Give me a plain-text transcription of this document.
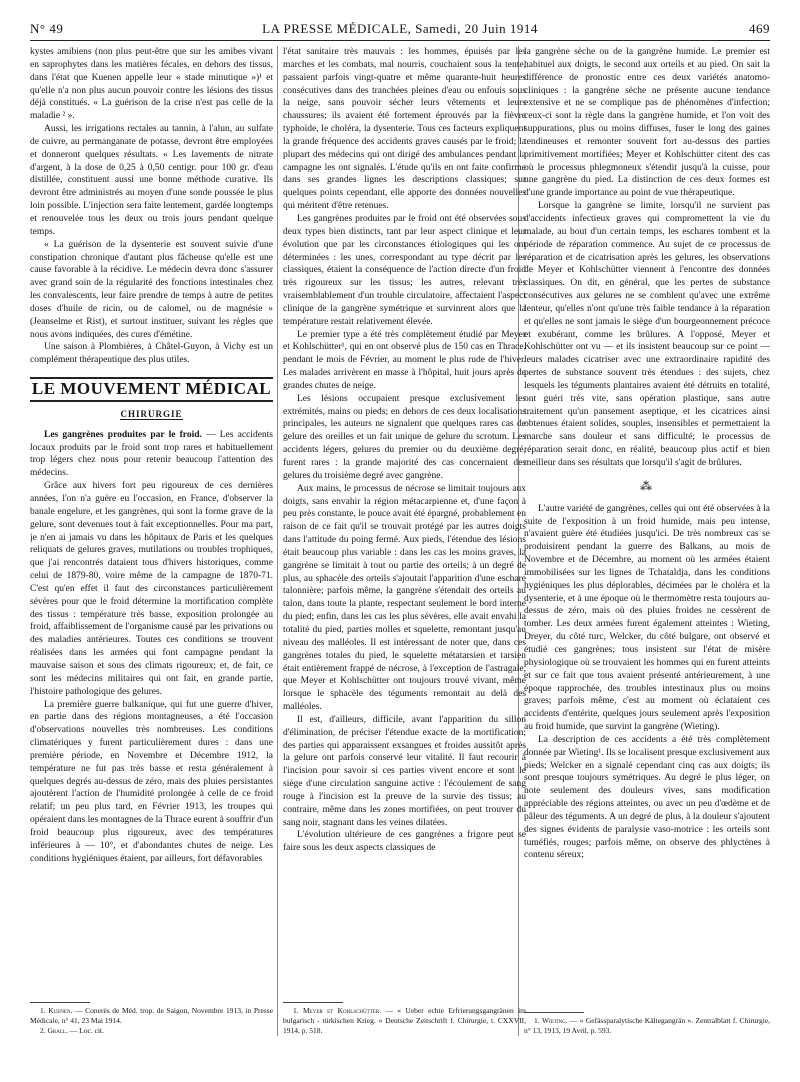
N° 49	LA PRESSE MÉDICALE, Samedi, 20 Juin 1914	469

kystes amibiens (non plus peut-être que sur les amibes vivant en saprophytes dans les matières fécales, en dehors des tissus, dans l'état que Kuenen appelle leur « stade minutique »)¹ et qu'elle n'a non plus aucun pouvoir contre les lésions des tissus déjà constitués. « La guérison de la crise n'est pas celle de la maladie ² ».

Aussi, les irrigations rectales au tannin, à l'alun, au sulfate de cuivre, au permanganate de potasse, devront être employées et donneront quelques résultats. « Les lavements de nitrate d'argent, à la dose de 0,25 à 0,50 centigr. pour 100 gr. d'eau distillée, constituent aussi une bonne méthode curative. Ils devront être administrés au moyen d'une sonde poussée le plus loin possible. L'injection sera faite lentement, gardée longtemps et renouvelée tous les deux ou trois jours pendant quelque temps.

« La guérison de la dysenterie est souvent suivie d'une constipation chronique d'autant plus fâcheuse qu'elle est une cause favorable à la récidive. Le médecin devra donc s'assurer avec grand soin de la régularité des fonctions intestinales chez les convalescents, leur faire prendre de temps à autre de petites doses d'huile de ricin, ou de calomel, ou de magnésie » (Jeanselme et Rist), et surtout instituer, suivant les règles que nous avons indiquées, des cures d'émétine.

Une saison à Plombières, à Châtel-Guyon, à Vichy est un complément thérapeutique des plus utiles.

LE MOUVEMENT MÉDICAL
CHIRURGIE

Les gangrènes produites par le froid. — Les accidents locaux produits par le froid sont trop rares et habituellement trop légers chez nous pour retenir beaucoup l'attention des médecins.

Grâce aux hivers fort peu rigoureux de ces dernières années, l'on n'a guère eu l'occasion, en France, d'observer la banale engelure, et les gangrènes, qui sont la forme grave de la gelure, sont devenues tout à fait exceptionnelles. Pour ma part, je n'en ai jamais vu dans les hôpitaux de Paris et les quelques reliquats de gelures graves, mutilations ou troubles trophiques, que j'ai rencontrés dataient tous d'hivers historiques, comme celui de 1879-80, voire même de la campagne de 1870-71. C'est qu'en effet il faut des circonstances particulièrement sévères pour que le froid détermine la mortification complète des tissus : température très basse, exposition prolongée au froid, affaiblissement de l'organisme causé par les privations ou des maladies antérieures. Toutes ces conditions se trouvent réalisées dans les armées qui font campagne pendant la mauvaise saison et sous des climats rigoureux; et, de fait, ce sont les médecins militaires qui ont fait, en grande partie, l'histoire pathologique des gelures.

La première guerre balkanique, qui fut une guerre d'hiver, en partie dans des régions montagneuses, a été l'occasion d'observations nouvelles très nombreuses. Les conditions climatériques y furent particulièrement dures : dans une première période, en Novembre et Décembre 1912, la température ne fut pas très basse et resta généralement à quelques degrés au-dessus de zéro, mais des pluies persistantes ajoutèrent l'action de l'humidité prolongée à celle de ce froid relatif; un peu plus tard, en Février 1913, les troupes qui opéraient dans les montagnes de la Thrace eurent à souffrir d'un froid beaucoup plus rigoureux, avec des températures inférieures à — 10°, et d'abondantes chutes de neige. Les conditions hygiéniques étaient, par ailleurs, fort défavorables

1. Kuenen. — Conerès de Méd. trop. de Saigon, Novembre 1913, in Presse Médicale, n° 41, 23 Mai 1914.

2. Grall. — Loc. cit.

l'état sanitaire très mauvais : les hommes, épuisés par les marches et les combats, mal nourris, couchaient sous la tente, passaient parfois vingt-quatre et même quarante-huit heures consécutives dans des tranchées pleines d'eau ou enfouis sous la neige, sans pouvoir sécher leurs vêtements et leurs chaussures; ils avaient été fortement éprouvés par la fièvre typhoïde, le choléra, la dysenterie. Tous ces facteurs expliquent la grande fréquence des accidents graves causés par le froid; la plupart des médecins qui ont dirigé des ambulances pendant la campagne les ont signalés. L'étude qu'ils en ont faite confirme dans ses grandes lignes les descriptions classiques; sur quelques points cependant, elle apporte des données nouvelles qui méritent d'être retenues.

Les gangrènes produites par le froid ont été observées sous deux types bien distincts, tant par leur aspect clinique et leur évolution que par les circonstances étiologiques qui les ont déterminées : les unes, correspondant au type décrit par les classiques, étaient la conséquence de l'action directe d'un froid très rigoureux sur les tissus; les autres, relevant très vraisemblablement d'un trouble circulatoire, affectaient l'aspect clinique de la gangrène symétrique et survinrent alors que la température restait relativement élevée.

Le premier type a été très complètement étudié par Meyer et Kohlschütter¹, qui en ont observé plus de 150 cas en Thrace, pendant le mois de Février, au moment le plus rude de l'hiver. Les malades arrivèrent en masse à l'hôpital, huit jours après de grandes chutes de neige.

Les lésions occupaient presque exclusivement les extrémités, mains ou pieds; en dehors de ces deux localisations principales, les auteurs ne signalent que quelques rares cas de gelure des oreilles et un fait unique de gelure du scrotum. Les accidents légers, gelures du premier ou du deuxième degré, furent rares : la grande majorité des cas concernaient des gelures du troisième degré avec gangrène.

Aux mains, le processus de nécrose se limitait toujours aux doigts, sans envahir la région métacarpienne et, d'une façon à peu près constante, le pouce avait été épargné, probablement en raison de ce fait qu'il se trouvait protégé par les autres doigts dans l'attitude du poing fermé. Aux pieds, l'étendue des lésions était beaucoup plus variable : dans les cas les moins graves, la gangrène se limitait à tout ou partie des orteils; à un degré de plus, au sphacèle des orteils s'ajoutait l'apparition d'une eschare talonnière; parfois même, la gangrène s'étendait des orteils au talon, dans toute la plante, respectant seulement le bord interne du pied; enfin, dans les cas les plus sévères, elle avait envahi la totalité du pied, parties molles et squelette, remontant jusqu'au niveau des malléoles. Il est intéressant de noter que, dans ces gangrènes totales du pied, le squelette métatarsien et tarsien était entièrement frappé de nécrose, à l'exception de l'astragale, que Meyer et Kohlschütter ont toujours trouvé vivant, même lorsque le sphacèle des téguments remontait au delà des malléoles.

Il est, d'ailleurs, difficile, avant l'apparition du sillon d'élimination, de préciser l'étendue exacte de la mortification; des parties qui apparaissent exsangues et froides aussitôt après la gelure ont parfois conservé leur vitalité. Il faut recourir à l'incision pour savoir si ces parties vivent encore et sont le siège d'une circulation sanguine active : l'écoulement de sang rouge à l'incision est la preuve de la survie des tissus; au contraire, même dans les zones mortifiées, on peut trouver du sang noir, stagnant dans les veines dilatées.

L'évolution ultérieure de ces gangrènes a frigore peut se faire sous les deux aspects classiques de

1. Meyer et Kohlschütter. — « Ueber echte Erfrierungsgangränen im bulgarisch - türkischen Krieg. » Deutsche Zeitschrift f. Chirurgie, t. CXXVII, 1914, p. 518.

la gangrène sèche ou de la gangrène humide. Le premier est habituel aux doigts, le second aux orteils et au pied. On sait la différence de pronostic entre ces deux variétés anatomo-cliniques : la gangrène sèche ne présente aucune tendance extensive et ne se complique pas de phénomènes d'infection; ceux-ci sont la règle dans la gangrène humide, et l'on voit des suppurations, plus ou moins diffuses, fuser le long des gaines tendineuses et remonter souvent fort au-dessus des parties primitivement mortifiées; Meyer et Kohlschütter citent des cas où le processus phlegmoneux s'étendit jusqu'à la cuisse, pour une gangrène du pied. La distinction de ces deux formes est d'une grande importance au point de vue thérapeutique.

Lorsque la gangrène se limite, lorsqu'il ne survient pas d'accidents infectieux graves qui compromettent la vie du malade, au bout d'un certain temps, les eschares tombent et la période de réparation commence. Au sujet de ce processus de réparation et de cicatrisation après les gelures, les observations de Meyer et Kohlschütter viennent à l'encontre des données classiques. On dit, en général, que les pertes de substance consécutives aux gelures ne se comblent qu'avec une extrême lenteur, qu'elles n'ont qu'une très faible tendance à la réparation et qu'elles ne sont jamais le siège d'un bourgeonnement précoce et exubérant, comme les brûlures. A l'opposé, Meyer et Kohlschütter ont vu — et ils insistent beaucoup sur ce point — leurs malades cicatriser avec une extraordinaire rapidité des pertes de substance souvent très étendues : des sujets, chez lesquels les téguments plantaires avaient été détruits en totalité, ont guéri très vite, sans opération plastique, sans autre traitement qu'un pansement aseptique, et les cicatrices ainsi obtenues étaient solides, souples, insensibles et permettaient la marche sans douleur et sans difficulté; le processus de réparation serait donc, en réalité, beaucoup plus actif et bien meilleur dans ses résultats que lorsqu'il s'agit de brûlures.

⁂

L'autre variété de gangrènes, celles qui ont été observées à la suite de l'exposition à un froid humide, mais peu intense, n'avaient guère été étudiées jusqu'ici. De très nombreux cas se produisirent pendant la guerre des Balkans, au mois de Novembre et de Décembre, au moment où les armées étaient immobilisées sur les lignes de Tchataldja, dans les conditions hygiéniques les plus déplorables, décimées par le choléra et la dysenterie, et à une époque où le thermomètre resta toujours au-dessus de zéro, mais où des pluies froides ne cessèrent de tomber. Les deux armées furent également atteintes : Wieting, Dreyer, du côté turc, Welcker, du côté bulgare, ont observé et étudié ces gangrènes; tous insistent sur l'état de misère physiologique où se trouvaient les hommes qui en furent atteints et sur ce fait que tous avaient présenté antérieurement, à une époque rapprochée, des troubles intestinaux plus ou moins graves; parfois même, c'est au moment où éclataient ces accidents d'entérite, quelques jours seulement après l'exposition au froid humide, que survint la gangrène (Wieting).

La description de ces accidents a été très complètement donnée par Wieting¹. Ils se localisent presque exclusivement aux pieds; Welcker en a signalé cependant cinq cas aux doigts; ils sont presque toujours symétriques. Au degré le plus léger, on note seulement des douleurs vives, sans modification appréciable des régions atteintes, ou avec un peu d'œdème et de pâleur des téguments. A un degré de plus, à la douleur s'ajoutent des signes évidents de paralysie vaso-motrice : les orteils sont tuméfiés, rouges; parfois même, on observe des phlyctènes à contenu séreux;

1. Wieting. — « Gefässparalytische Kältegangrän ». Zentralblatt f. Chirurgie, n° 13, 1913, 19 Avril, p. 593.
